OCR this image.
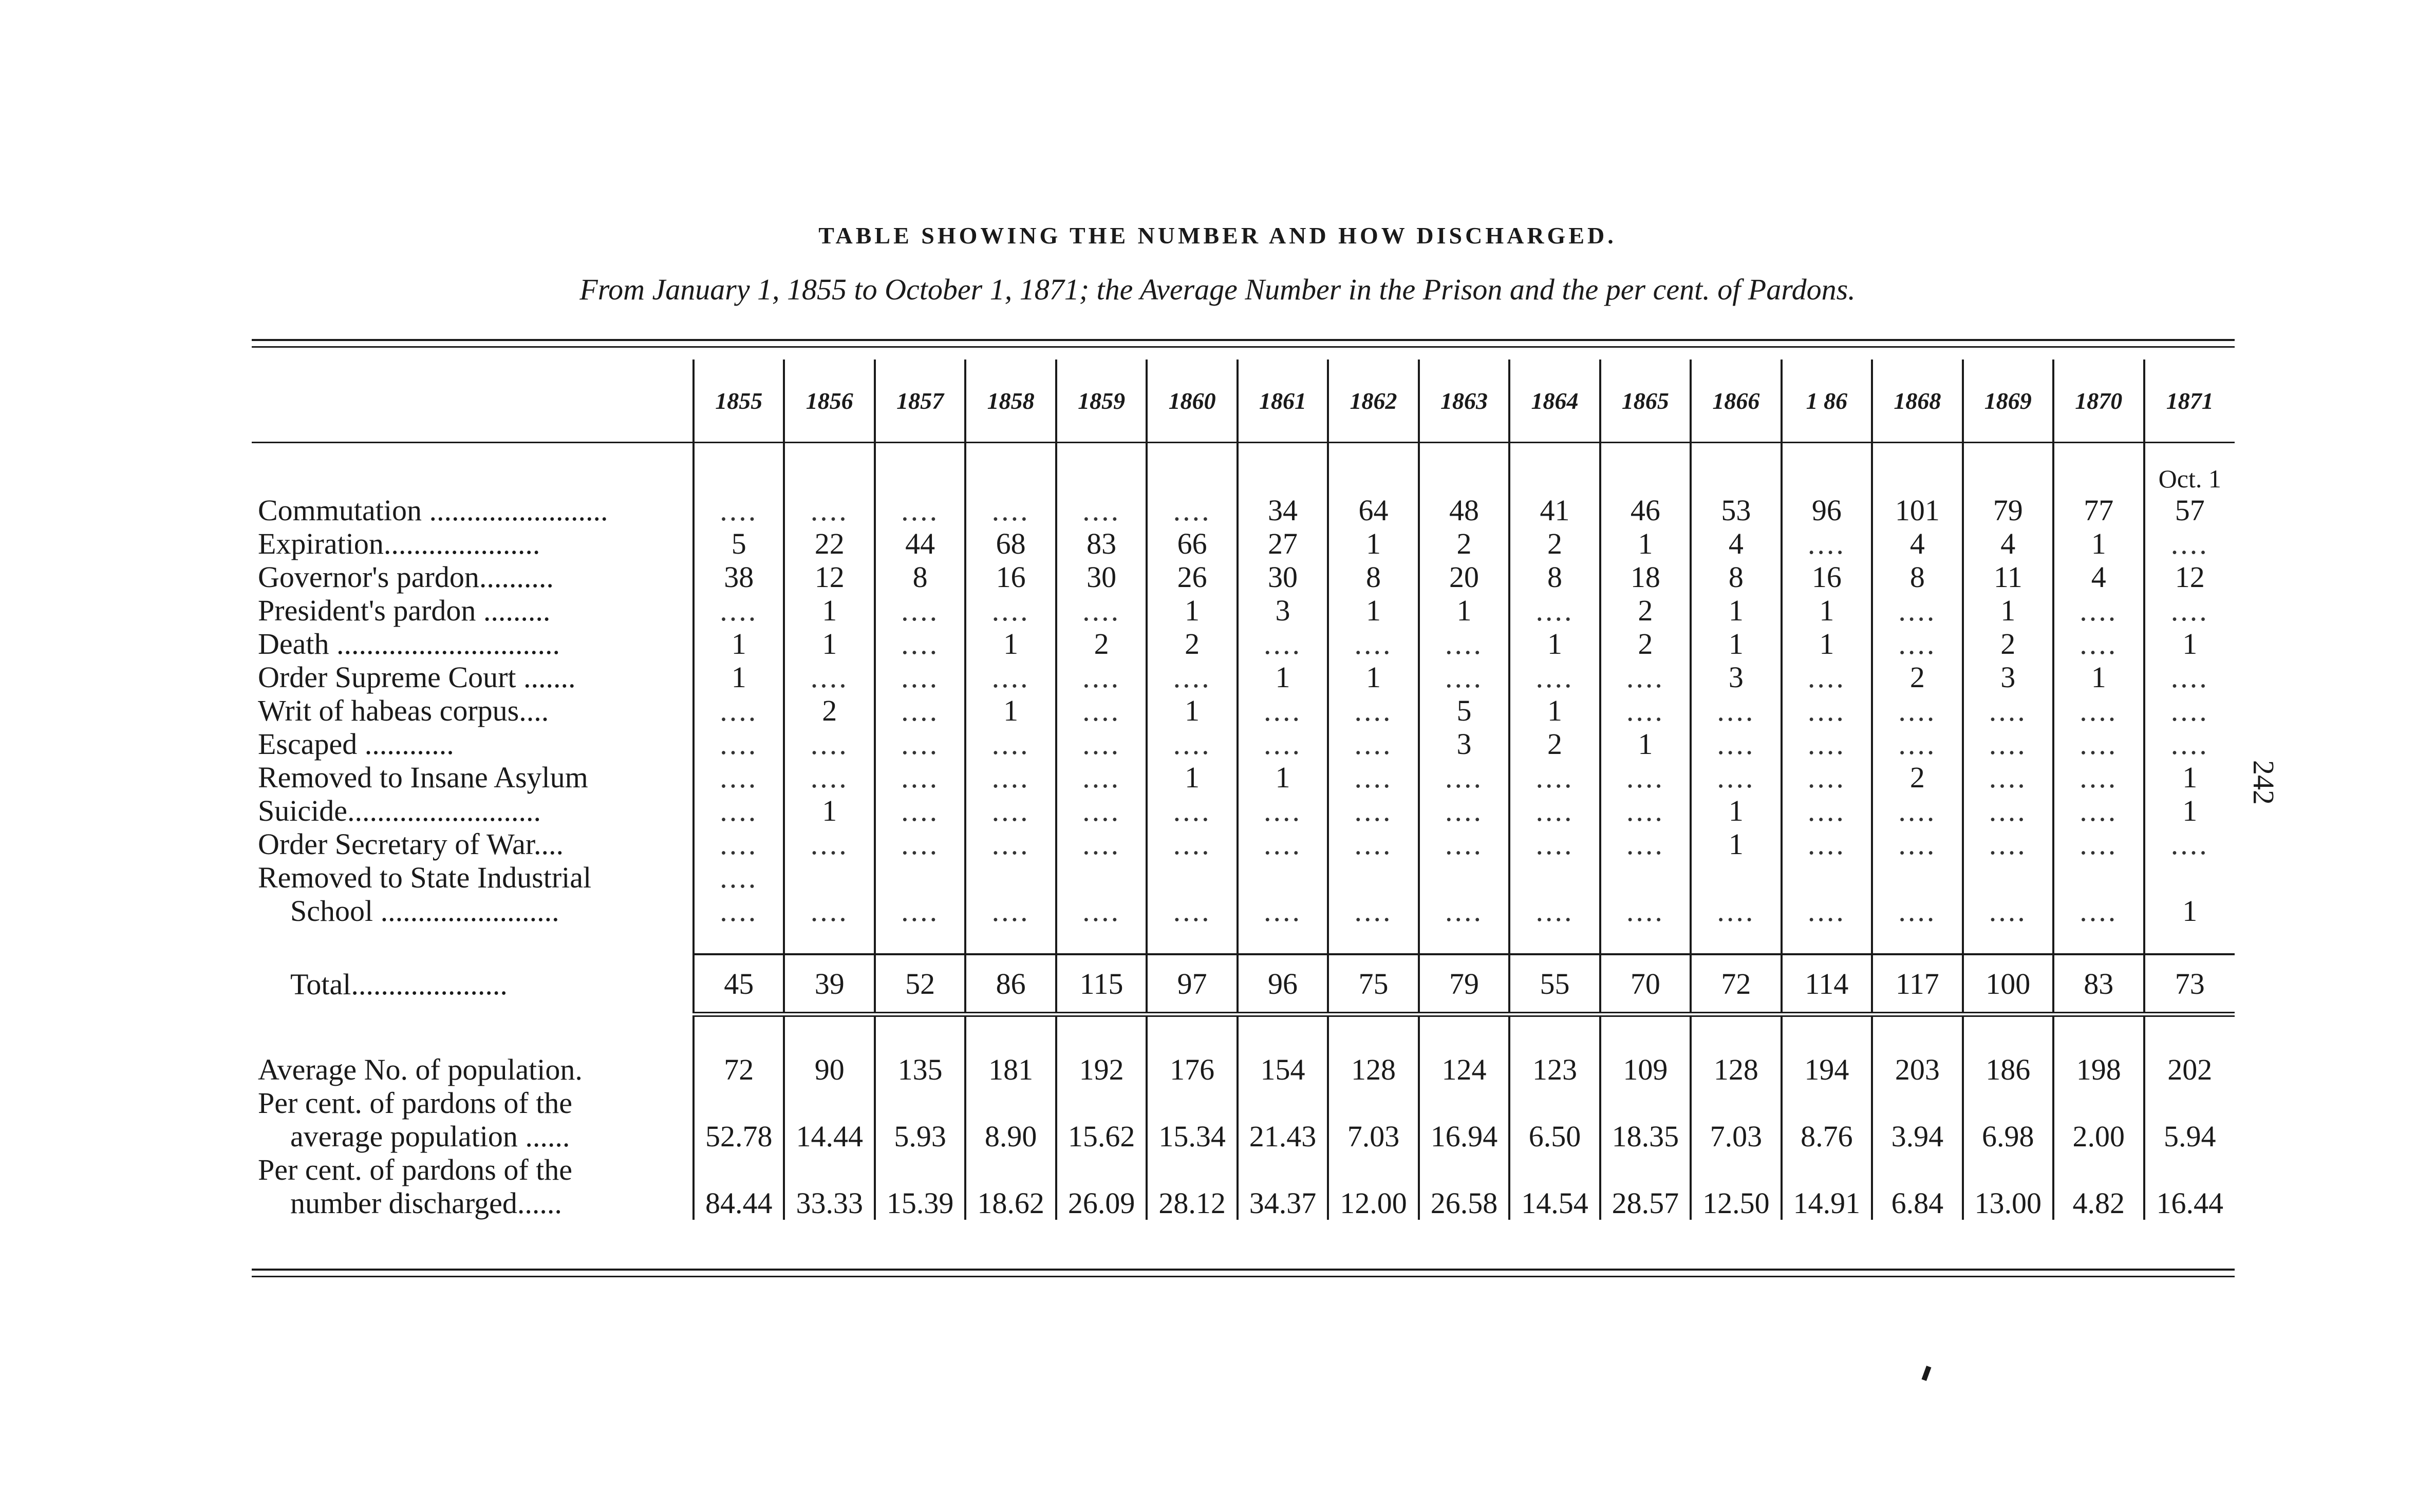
TABLE SHOWING THE NUMBER AND HOW DISCHARGED.
From January 1, 1855 to October 1, 1871; the Average Number in the Prison and the per cent. of Pardons.
	1855	1856	1857	1858	1859	1860	1861	1862	1863	1864	1865	1866	1 86	1868	1869	1870	1871

																	Oct. 1
Commutation ........................	....	....	....	....	....	....	34	64	48	41	46	53	96	101	79	77	57
Expiration.....................	5	22	44	68	83	66	27	1	2	2	1	4	....	4	4	1	....
Governor's pardon..........	38	12	8	16	30	26	30	8	20	8	18	8	16	8	11	4	12
President's pardon .........	....	1	....	....	....	1	3	1	1	....	2	1	1	....	1	....	....
Death ..............................	1	1	....	1	2	2	....	....	....	1	2	1	1	....	2	....	1
Order Supreme Court .......	1	....	....	....	....	....	1	1	....	....	....	3	....	2	3	1	....
Writ of habeas corpus....	....	2	....	1	....	1	....	....	5	1	....	....	....	....	....	....	....
Escaped ............	....	....	....	....	....	....	....	....	3	2	1	....	....	....	....	....	....
Removed to Insane Asylum	....	....	....	....	....	1	1	....	....	....	....	....	....	2	....	....	1
Suicide..........................	....	1	....	....	....	....	....	....	....	....	....	1	....	....	....	....	1
Order Secretary of War....	....	....	....	....	....	....	....	....	....	....	....	1	....	....	....	....	....
Removed to State Industrial	....																
School ........................	....	....	....	....	....	....	....	....	....	....	....	....	....	....	....	....	1

Total.....................	45	39	52	86	115	97	96	75	79	55	70	72	114	117	100	83	73

Average No. of population.	72	90	135	181	192	176	154	128	124	123	109	128	194	203	186	198	202
Per cent. of pardons of the																	
average population ......	52.78	14.44	5.93	8.90	15.62	15.34	21.43	7.03	16.94	6.50	18.35	7.03	8.76	3.94	6.98	2.00	5.94
Per cent. of pardons of the																	
number discharged......	84.44	33.33	15.39	18.62	26.09	28.12	34.37	12.00	26.58	14.54	28.57	12.50	14.91	6.84	13.00	4.82	16.44
242
